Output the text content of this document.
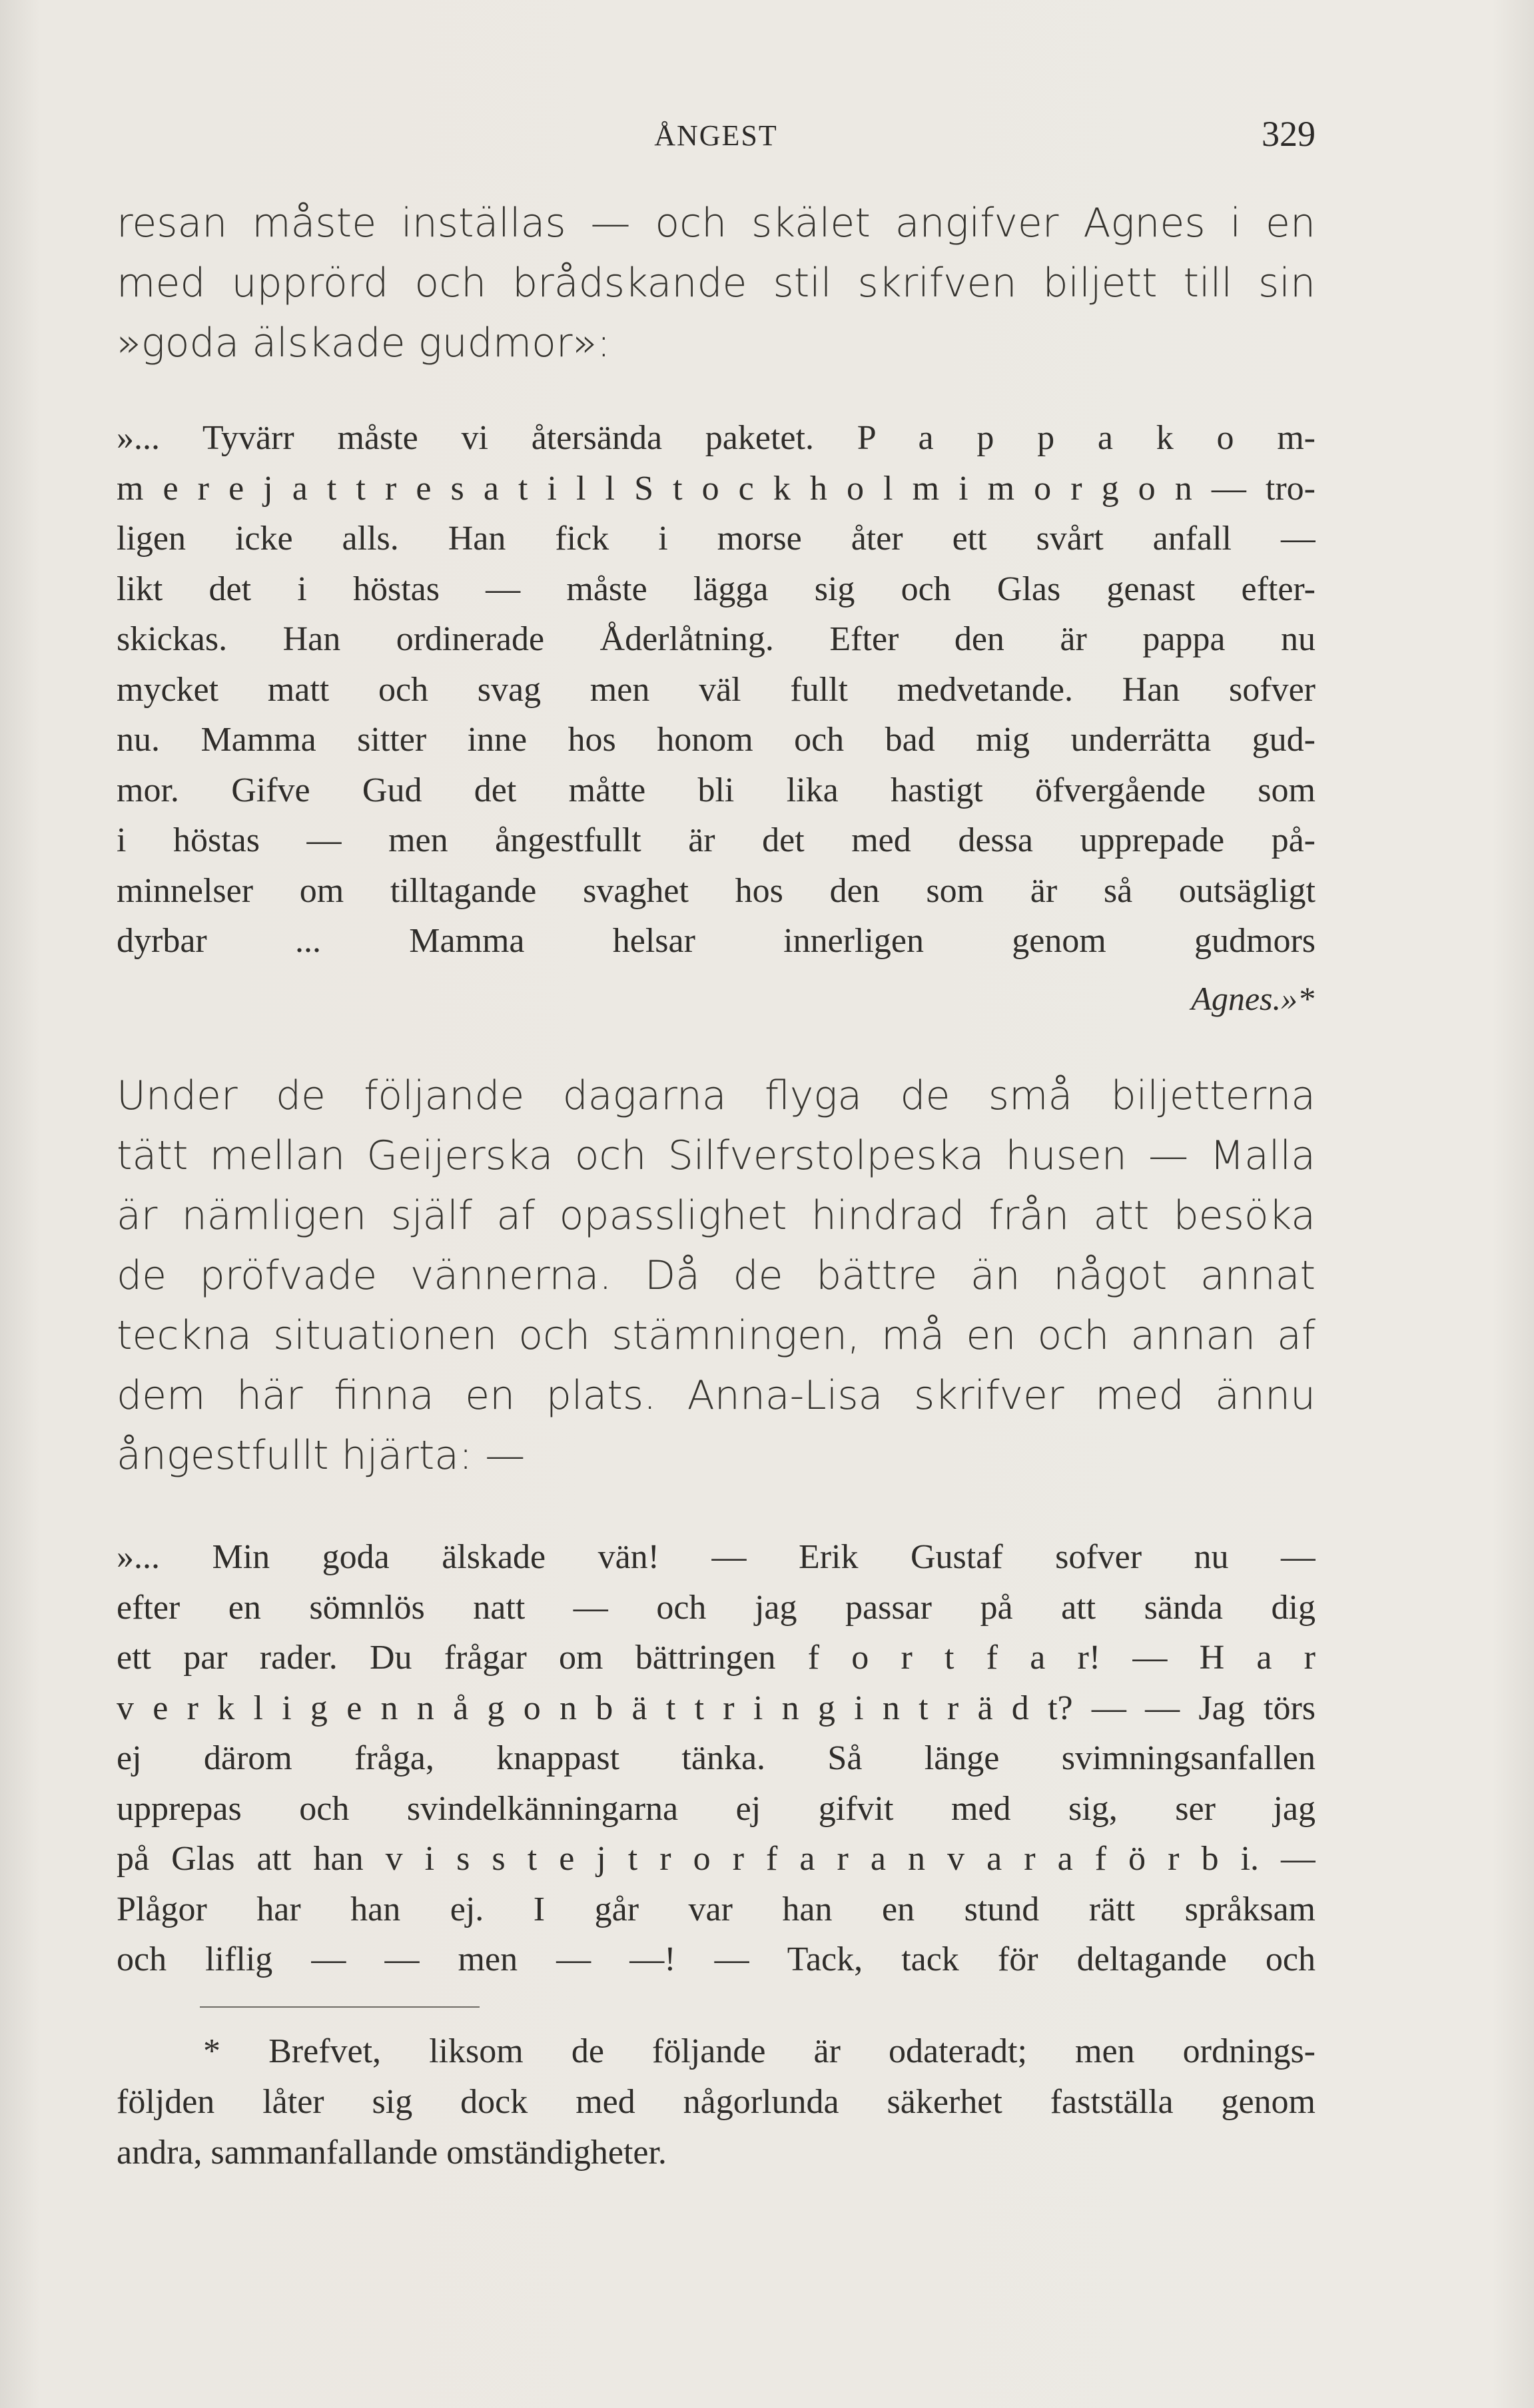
ÅNGEST	329
resan måste inställas — och skälet angifver Agnes i en
med upprörd och brådskande stil skrifven biljett till sin
»goda älskade gudmor»:
»... Tyvärr måste vi återsända paketet. P a p p a k o m-
m e r e j a t t r e s a t i l l S t o c k h o l m i m o r g o n — tro-
ligen icke alls. Han fick i morse åter ett svårt anfall —
likt det i höstas — måste lägga sig och Glas genast efter-
skickas. Han ordinerade Åderlåtning. Efter den är pappa nu
mycket matt och svag men väl fullt medvetande. Han sofver
nu. Mamma sitter inne hos honom och bad mig underrätta gud-
mor. Gifve Gud det måtte bli lika hastigt öfvergående som
i höstas — men ångestfullt är det med dessa upprepade på-
minnelser om tilltagande svaghet hos den som är så outsägligt
dyrbar ... Mamma helsar innerligen genom gudmors
Agnes.»*
Under de följande dagarna flyga de små biljetterna
tätt mellan Geijerska och Silfverstolpeska husen — Malla
är nämligen själf af opasslighet hindrad från att besöka
de pröfvade vännerna. Då de bättre än något annat
teckna situationen och stämningen, må en och annan af
dem här finna en plats. Anna-Lisa skrifver med ännu
ångestfullt hjärta: —
»... Min goda älskade vän! — Erik Gustaf sofver nu —
efter en sömnlös natt — och jag passar på att sända dig
ett par rader. Du frågar om bättringen f o r t f a r! — H a r
v e r k l i g e n n å g o n b ä t t r i n g i n t r ä d t? — — Jag törs
ej därom fråga, knappast tänka. Så länge svimningsanfallen
upprepas och svindelkänningarna ej gifvit med sig, ser jag
på Glas att han v i s s t e j t r o r f a r a n v a r a f ö r b i. —
Plågor har han ej. I går var han en stund rätt språksam
och liflig — — men — —! — Tack, tack för deltagande och
* Brefvet, liksom de följande är odateradt; men ordnings-
följden låter sig dock med någorlunda säkerhet fastställa genom
andra, sammanfallande omständigheter.
